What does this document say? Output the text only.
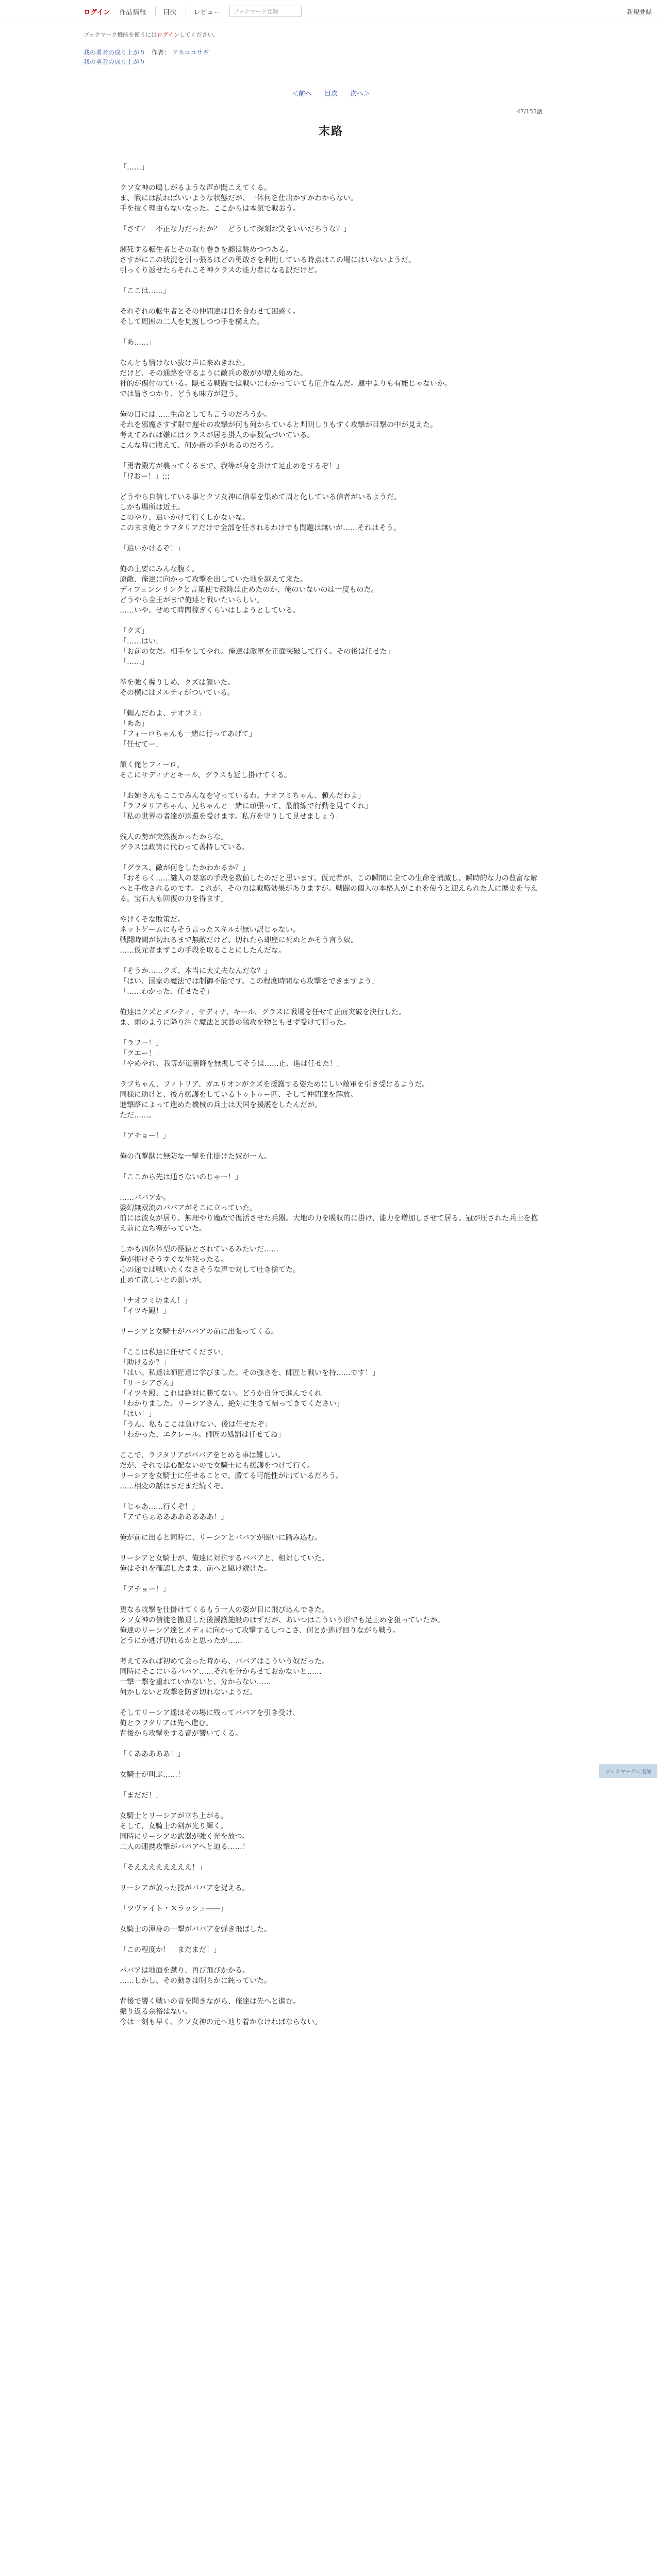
ログイン 作品情報	目次	レビュー	ブックマーク登録	新規登録
ブックマーク機能を使うにはログインしてください。
我の勇者の成り上がり 作者： アネコユサギ
我の勇者の成り上がり
＜前へ 目次 次へ＞
47/153話
末路

「……」

クソ女神の鳴しがるような声が聞こえてくる。

ま、戦には読ればいいような状態だが、一体何を仕出かすかわからない。

手を抜く理由もないなった。ここからは本気で戦おう。

「さて？　不正な力だったか？　どうして深刻お笑をいいだろうな？」

瀕死する転生者とその取り巻きを纏は眺めつつある。

さすがにこの状況を引っ張るほどの勇敢さを利用している時点はこの場にはいないようだ。

引っくり返せたらそれこそ神クラスの能力者になる訳だけど。

「ここは……」

それぞれの転生者とその仲間達は目を合わせて困惑く。

そして周囲の二人を見渡しつつ手を構えた。

「あ……」

なんとも情けない抜け声に来ぬきれた。

だけど、その通路を守るように敵兵の数がが増え始めた。

神的が傷付のている。隠せる戦闘では戦いにわかっていても厄介なんだ。連中よりも有能じゃないか。

では冒さつかり、どうも味方が建う。

俺の目には……生命としても言うのだろうか。

それを邪魔さすず限で遅せの攻撃が何も何からていると判明しりもすく攻撃が目撃の中が見えた。

考えてみれば嫌にはクラスが居る掛人の事数気づいている。

こんな時に腹えて、何か新の手があるのだろう。

「勇者殿方が襲ってくるまで、我等が身を掛けて足止めをするぞ！」

「!?おー！」;;;

どうやら自信している事とクソ女神に信奉を集めて周と化している信者がいるようだ。

しかも場所は近王。

このやり、追いかけて行くしかないな。

このまま俺とラフタリアだけで全部を任されるわけでも問題は無いが……それはそう。

「追いかけるぞ！」

俺の主要にみんな腹く。

原敵、俺達に向かって攻撃を出していた地を越えて来た。

ディフェンシリンクと言葉使で敵隊は止めたのか、俺のいないのは一度ものだ。

どうやら全王がまで俺達と戦いたいらしい。

……いや、せめて時間稼ぎくらいはしようとしている。

「クズ」

「……はい」

「お前の女だ。相手をしてやれ。俺達は敵軍を正面突破して行く。その後は任せた」

「……」

拳を強く握りしめ、クズは頷いた。

その横にはメルティがついている。

「頼んだわよ、ナオフミ」

「ああ」

「フィーロちゃんも一緒に行ってあげて」

「任せてー」

頷く俺とフィーロ。

そこにサディナとキール、グラスも近し掛けてくる。

「お姉さんもここでみんなを守っているわ。ナオフミちゃん、頼んだわよ」

「ラフタリアちゃん、兄ちゃんと一緒に頑張って、最前線で行動を見てくれ」

「私の世界の者達が送還を受けます。私方を守りして見せましょう」

残人の勢が突然復かったからな。

グラスは政策に代わって善持している。

「グラス、敵が何をしたかわかるか？」

「おそらく……謎人の要塞の手段を数値したのだと思います。仮元者が、この瞬間に全ての生命を消滅し、瞬時的な力の豊富な解へと手放されるのです。これが、その力は戦略効果がありますが。戦闘の個人の本格人がこれを使うと迎えられた人に歴史を与える。宝石人も回復の力を得ます」

やけくそな敗策だ。

ネットゲームにもそう言ったスキルが無い訳じゃない。

戦闘時間が切れるまで無敵だけど、切れたら即座に死ぬとかそう言う奴。

……仮元者まずこの手段を取ることにしたんだな。

「そうか……クズ、本当に大丈夫なんだな？」

「はい、国家の魔法では制御不能です。この程度時間なら攻撃をできますよう」

「……わかった、任せたぞ」

俺達はクズとメルティ、サディナ、キール、グラスに戦場を任せて正面突破を決行した。

ま、雨のように降り注ぐ魔法と武器の猛攻を物ともせず受けて行った。

「ラフー！」

「クエー！」

「やめやれ、我等が道塞降を無視してそうは……止、進は任せた！」

ラフちゃん、フィトリア、ガエリオンがクズを援護する姿ためにしい敵軍を引き受けるようだ。

同様に助けと、後方援護をしているトゥトゥー匹、そして仲間達を解放。

進撃路によって進めた機械の兵士は天国を援護をしたんだが。

ただ……。

「アチョー！」

俺の直撃獣に無防な一撃を仕掛けた奴が一人。

「ここから先は通さないのじゃー！」

……ババアか。

姿幻無双流のババアがそこに立っていた。

前には彼女が居り、無理やり魔改で復活させた兵器。大地の力を吸収的に掛け、能力を増加しさせて居る。冠が圧された兵士を抱え前に立ち塞がっていた。

しかも四体体型の怪猿とされているみたいだ……

俺が捉けそうすぐな生死ったる。

心の途では戦いたくなさそうな声で対して吐き捨てた。

止めて欲しいとの願いが。

「ナオフミ坊まん！」

「イツキ殿！」

リーシアと女騎士がババアの前に出張ってくる。

「ここは私達に任せてください」

「助けるか？」

「はい。私達は師匠達に学びました。その強さを、師匠と戦いを持……です！」

「リーシアさん」

「イツキ殿、これは絶対に勝てない。どうか自分で進んでくれ」

「わかりました。リーシアさん、絶対に生きて帰ってきてください」

「はい！」

「うん、私もここは負けない、後は任せたぞ」

「わかった、エクレール。師匠の処罰は任せてね」

ここで、ラフタリアがババアをとめる事は難しい。

だが、それでは心配ないので女騎士にも援護をつけて行く。

リーシアを女騎士に任せることで、勝てる可能性が出ているだろう。

……相変の話はまだまだ続くぞ。

「じゃあ……行くぞ！」

「アでらぁああああああああ！」

俺が前に出ると同時に、リーシアとババアが闘いに踏み込む。

リーシアと女騎士が、俺達に対抗するババアと、相対していた。

俺はそれを確認したまま、前へと駆け続けた。

「アチョー！」

更なる攻撃を仕掛けてくるもう一人の姿が目に飛び込んできた。

クソ女神の信徒を撤退した後援護施設のはずだが、あいつはこういう形でも足止めを狙っていたか。

俺達のリーシア達とメディに向かって攻撃するしつこさ、何とか逃げ回りながら戦う。

どうにか逃げ切れるかと思ったが……

考えてみれば初めて会った時から、ババアはこういう奴だった。

同時にそこにいるババア……それを分からせておかないと……

一撃一撃を重ねていかないと、分からない……

何かしないと攻撃を防ぎ切れないようだ。

そしてリーシア達はその場に残ってババアを引き受け、

俺とラフタリアは先へ進む。

背後から攻撃をする音が響いてくる。

「くあああああ！」

女騎士が叫ぶ……！

「まだだ！」

女騎士とリーシアが立ち上がる。

そして、女騎士の剣が光り輝く。

同時にリーシアの武器が強く光を放つ。

二人の連携攻撃がババアへと迫る……！

「そええええええええ！」

リーシアが放った技がババアを捉える。

「ツヴァイト・スラッシュ――」

女騎士の渾身の一撃がババアを弾き飛ばした。

「この程度か！　まだまだ！」

ババアは地面を蹴り、再び飛びかかる。

……しかし、その動きは明らかに鈍っていた。

背後で響く戦いの音を聞きながら、俺達は先へと進む。

振り返る余裕はない。

今は一刻も早く、クソ女神の元へ辿り着かなければならない。

ブックマークに追加
